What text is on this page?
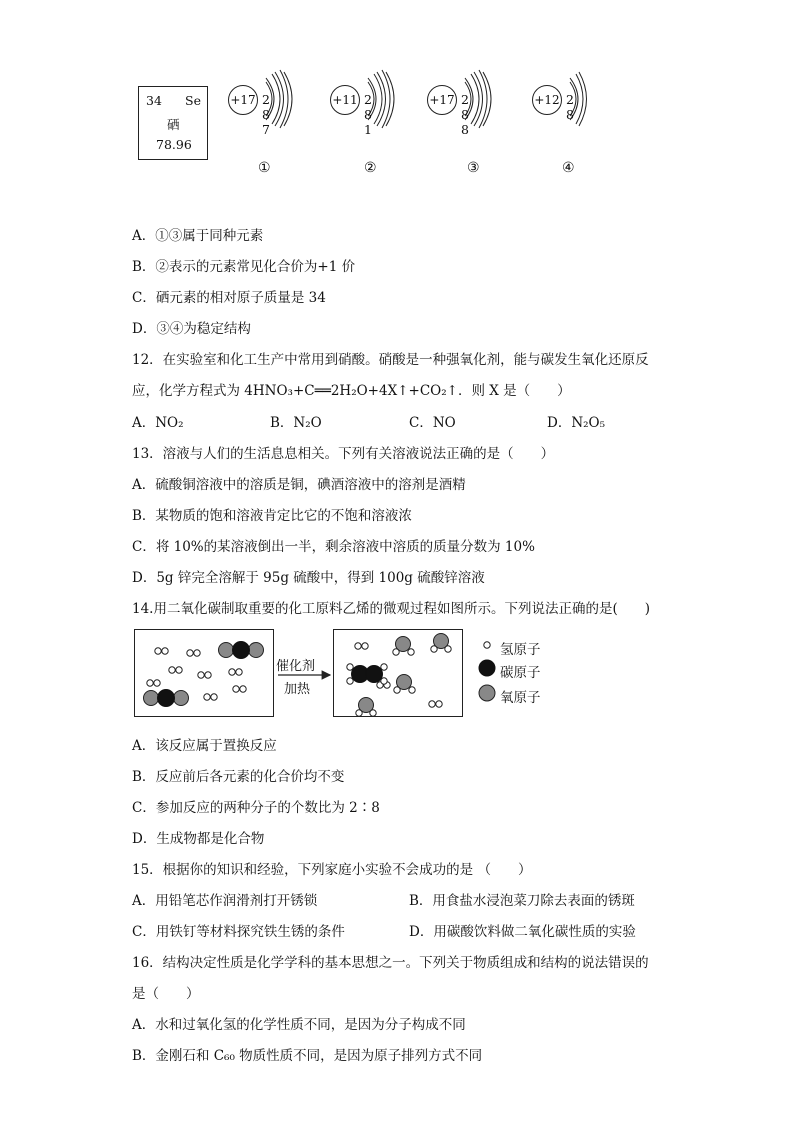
34 Se
硒
78.96
+17 2 8 7
+11 2 8 1
+17 2 8 8
+12 2 8
①	②	③	④
A．①③属于同种元素
B．②表示的元素常见化合价为+1 价
C．硒元素的相对原子质量是 34
D．③④为稳定结构
12．在实验室和化工生产中常用到硝酸。硝酸是一种强氧化剂，能与碳发生氧化还原反
应，化学方程式为 4HNO₃+C══2H₂O+4X↑+CO₂↑．则 X 是（　　）
A．NO₂	B．N₂O	C．NO	D．N₂O₅
13．溶液与人们的生活息息相关。下列有关溶液说法正确的是（　　）
A．硫酸铜溶液中的溶质是铜，碘酒溶液中的溶剂是酒精
B．某物质的饱和溶液肯定比它的不饱和溶液浓
C．将 10%的某溶液倒出一半，剩余溶液中溶质的质量分数为 10%
D．5g 锌完全溶解于 95g 硫酸中，得到 100g 硫酸锌溶液
14.用二氧化碳制取重要的化工原料乙烯的微观过程如图所示。下列说法正确的是(　　)
催化剂
加热
氢原子
碳原子
氧原子
A．该反应属于置换反应
B．反应前后各元素的化合价均不变
C．参加反应的两种分子的个数比为 2∶8
D．生成物都是化合物
15．根据你的知识和经验，下列家庭小实验不会成功的是 （　　）
A．用铅笔芯作润滑剂打开锈锁	B．用食盐水浸泡菜刀除去表面的锈斑
C．用铁钉等材料探究铁生锈的条件	D．用碳酸饮料做二氧化碳性质的实验
16．结构决定性质是化学学科的基本思想之一。下列关于物质组成和结构的说法错误的
是（　　）
A．水和过氧化氢的化学性质不同，是因为分子构成不同
B．金刚石和 C₆₀ 物质性质不同，是因为原子排列方式不同
